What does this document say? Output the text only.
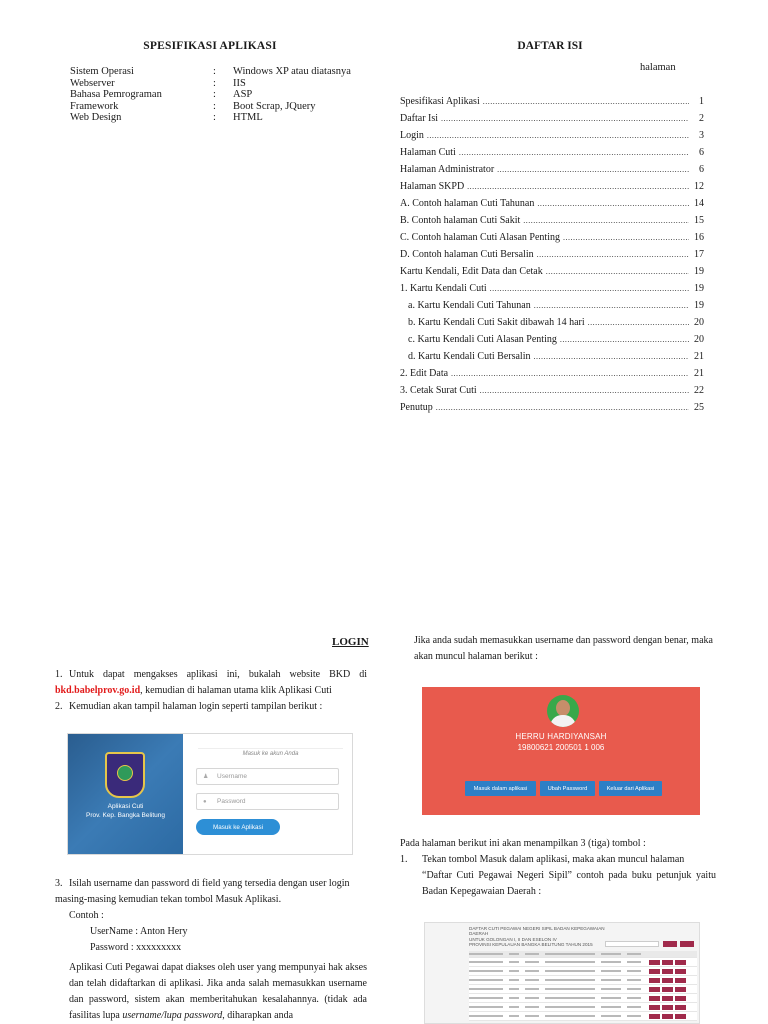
SPESIFIKASI APLIKASI
Sistem Operasi	:	Windows XP atau diatasnya
Webserver	:	IIS
Bahasa Pemrograman	:	ASP
Framework	:	Boot Scrap, JQuery
Web Design	:	HTML
DAFTAR ISI
halaman
Spesifikasi Aplikasi .....	1
Daftar Isi .....	2
Login .....	3
Halaman Cuti .....	6
Halaman Administrator .....	6
Halaman SKPD .....	12
A. Contoh halaman Cuti Tahunan .....	14
B. Contoh halaman Cuti Sakit .....	15
C. Contoh halaman Cuti Alasan Penting .....	16
D. Contoh halaman Cuti Bersalin .....	17
Kartu Kendali, Edit Data dan Cetak .....	19
1. Kartu Kendali Cuti .....	19
a. Kartu Kendali Cuti Tahunan .....	19
b. Kartu Kendali Cuti Sakit dibawah 14 hari .....	20
c. Kartu Kendali Cuti Alasan Penting .....	20
d. Kartu Kendali Cuti Bersalin .....	21
2. Edit Data .....	21
3. Cetak Surat Cuti .....	22
Penutup .....	25
LOGIN
1. Untuk dapat mengakses aplikasi ini, bukalah website BKD di bkd.babelprov.go.id, kemudian di halaman utama klik Aplikasi Cuti
2. Kemudian akan tampil halaman login seperti tampilan berikut :
Aplikasi Cuti
Prov. Kep. Bangka Belitung
Masuk ke akun Anda
♟	Username
●	Password
Masuk ke Aplikasi
3. Isilah username dan password di field yang tersedia dengan user login masing-masing kemudian tekan tombol Masuk Aplikasi.
Contoh :
UserName : Anton Hery
Password : xxxxxxxxx
Aplikasi Cuti Pegawai dapat diakses oleh user yang mempunyai hak akses dan telah didaftarkan di aplikasi. Jika anda salah memasukkan username dan password, sistem akan memberitahukan kesalahannya. (tidak ada fasilitas lupa username/lupa password, diharapkan anda
Jika anda sudah memasukkan username dan password dengan benar, maka akan muncul halaman berikut :
HERRU HARDIYANSAH
19800621 200501 1 006
Masuk dalam aplikasi	Ubah Password	Keluar dari Aplikasi
Pada halaman berikut ini akan menampilkan 3 (tiga) tombol :
1. Tekan tombol Masuk dalam aplikasi, maka akan muncul halaman
“Daftar Cuti Pegawai Negeri Sipil” contoh pada buku petunjuk yaitu Badan Kepegawaian Daerah :
DAFTAR CUTI PEGAWAI NEGERI SIPIL BADAN KEPEGAWAIAN
DAERAH
UNTUK GOLONGAN I, II DAN ESELON IV
PROVINSI KEPULAUAN BANGKA BELITUNG TAHUN 2015
